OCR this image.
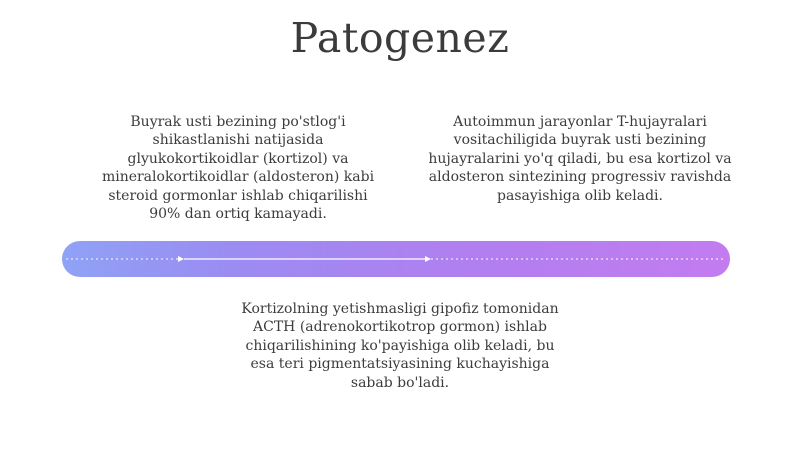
Patogenez
Buyrak usti bezining po'stlog'i shikastlanishi natijasida glyukokortikoidlar (kortizol) va mineralokortikoidlar (aldosteron) kabi steroid gormonlar ishlab chiqarilishi 90% dan ortiq kamayadi.
Autoimmun jarayonlar T-hujayralari vositachiligida buyrak usti bezining hujayralarini yo'q qiladi, bu esa kortizol va aldosteron sintezining progressiv ravishda pasayishiga olib keladi.
Kortizolning yetishmasligi gipofiz tomonidan ACTH (adrenokortikotrop gormon) ishlab chiqarilishining ko'payishiga olib keladi, bu esa teri pigmentatsiyasining kuchayishiga sabab bo'ladi.
